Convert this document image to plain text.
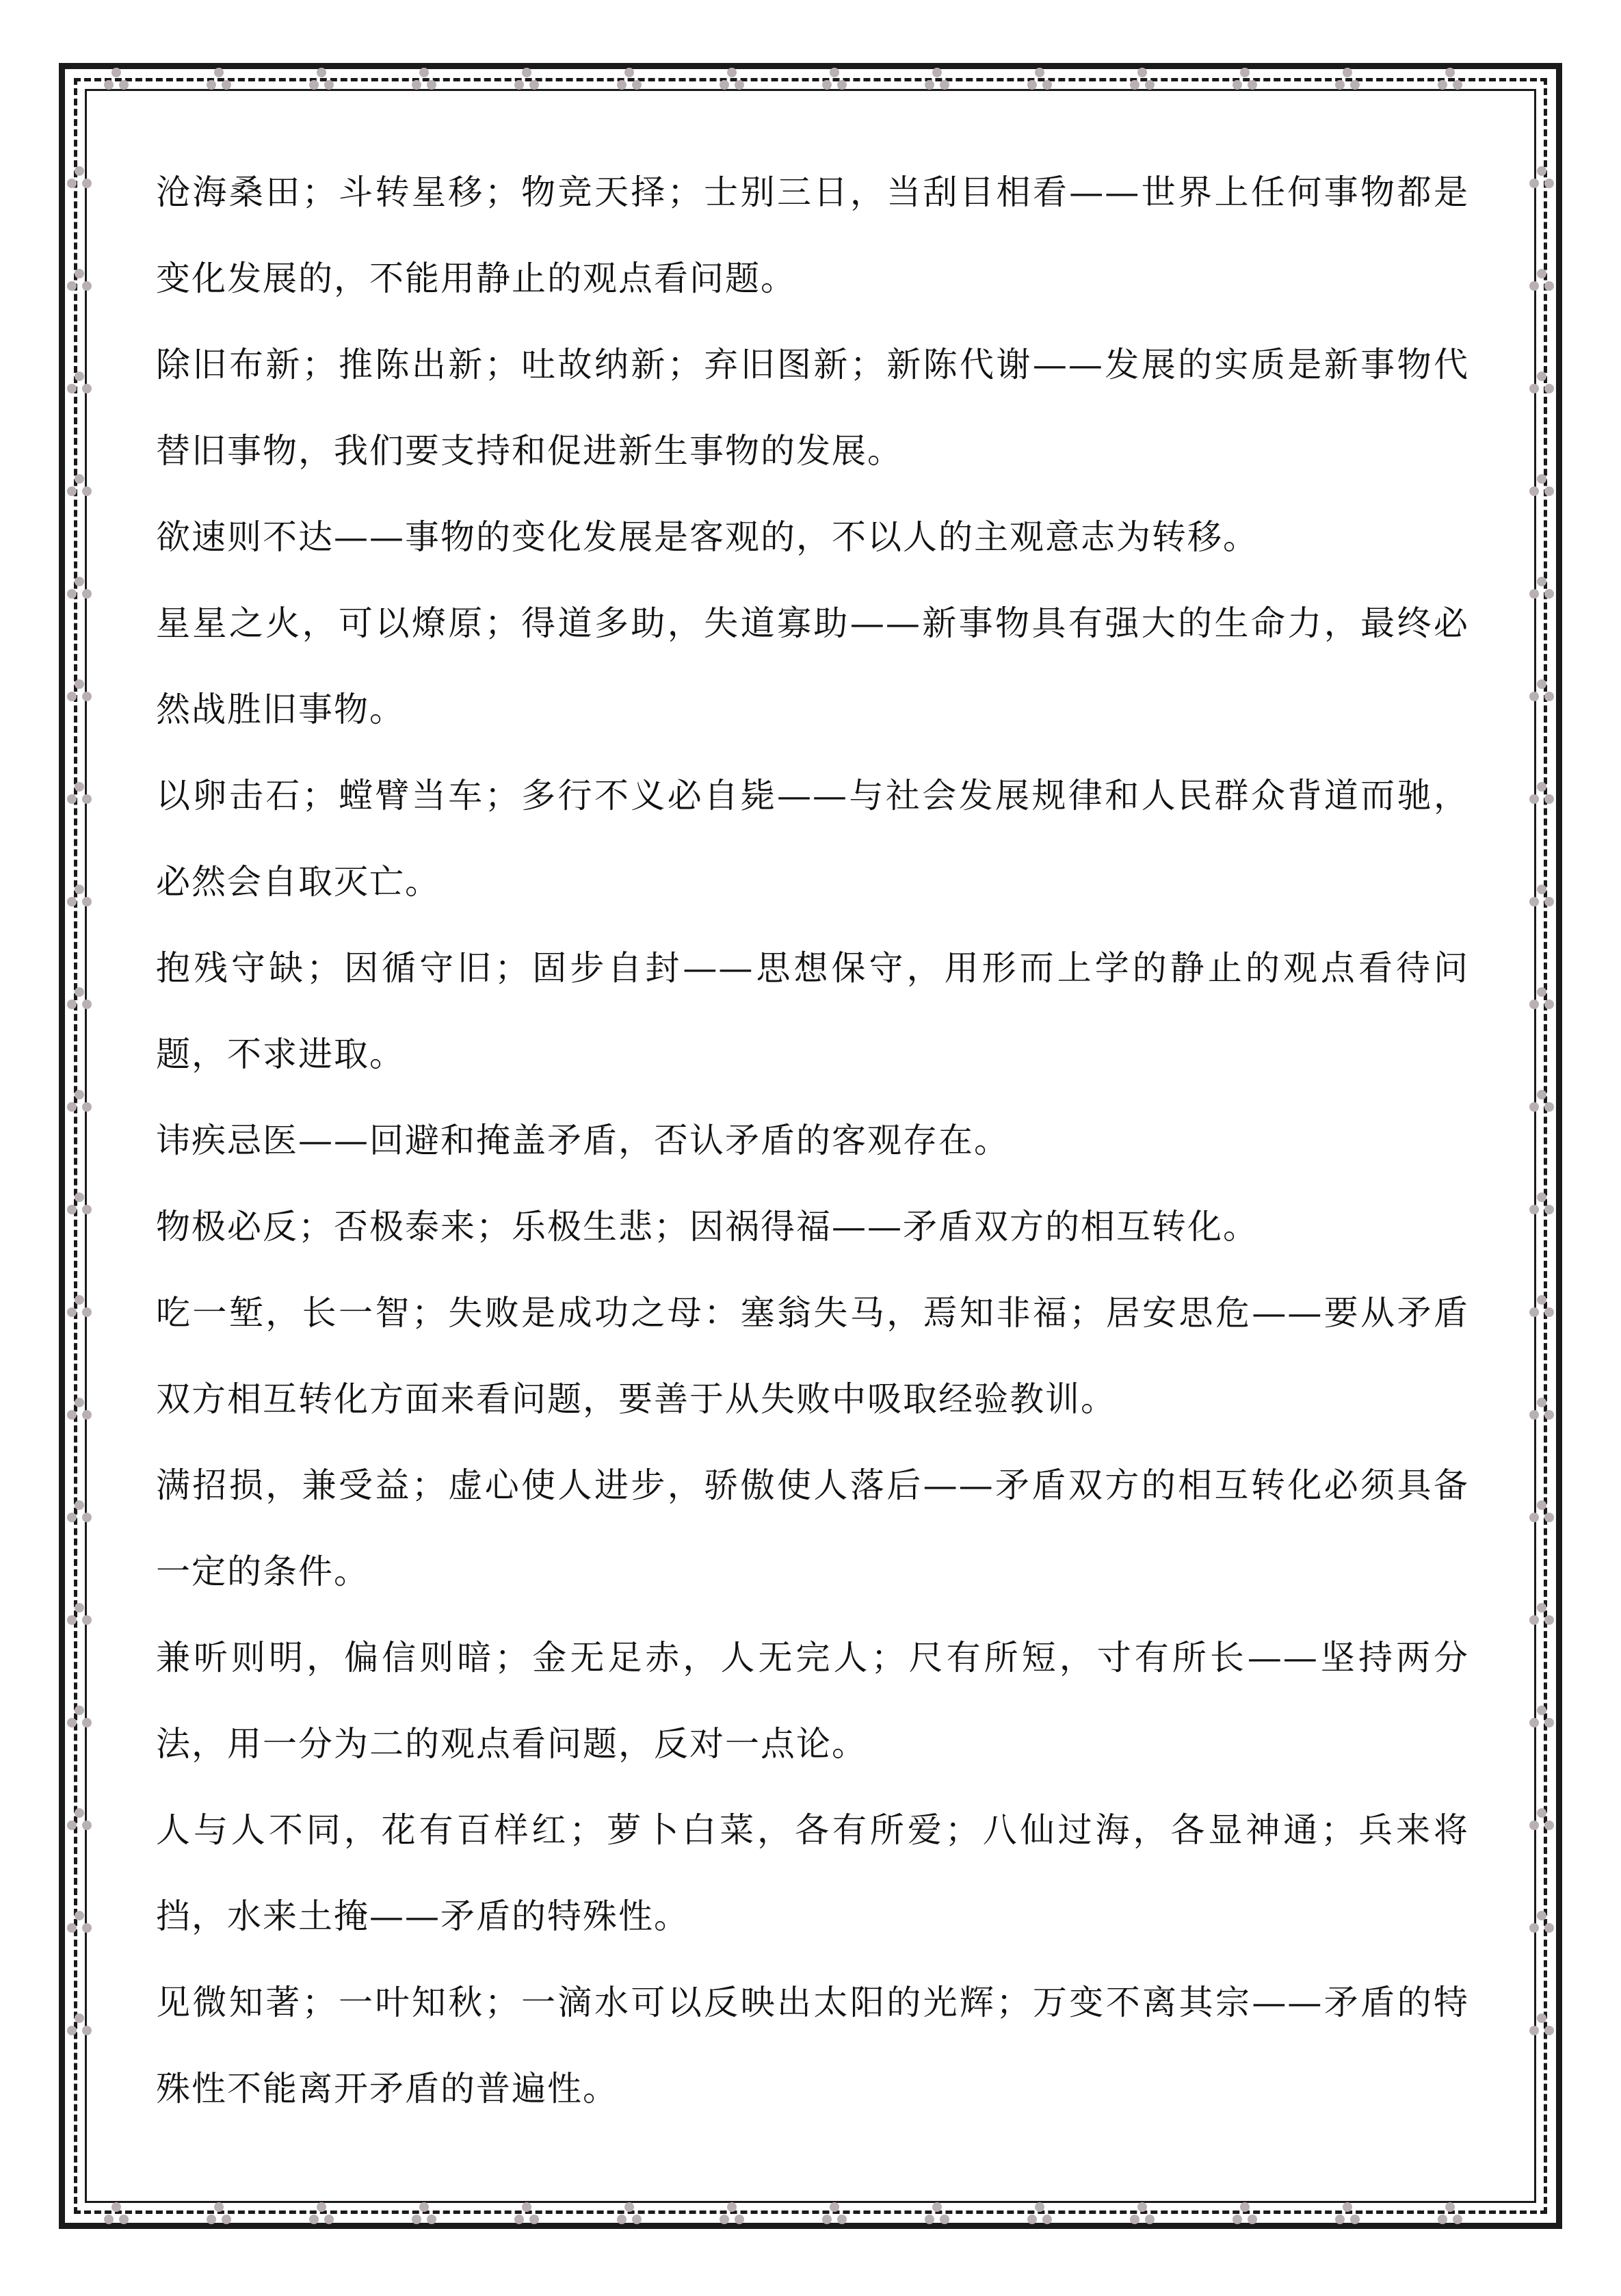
沧海桑田；斗转星移；物竞天择；士别三日，当刮目相看——世界上任何事物都是变化发展的，不能用静止的观点看问题。

除旧布新；推陈出新；吐故纳新；弃旧图新；新陈代谢——发展的实质是新事物代替旧事物，我们要支持和促进新生事物的发展。

欲速则不达——事物的变化发展是客观的，不以人的主观意志为转移。

星星之火，可以燎原；得道多助，失道寡助——新事物具有强大的生命力，最终必然战胜旧事物。

以卵击石；螳臂当车；多行不义必自毙——与社会发展规律和人民群众背道而驰，必然会自取灭亡。

抱残守缺；因循守旧；固步自封——思想保守，用形而上学的静止的观点看待问题，不求进取。

讳疾忌医——回避和掩盖矛盾，否认矛盾的客观存在。

物极必反；否极泰来；乐极生悲；因祸得福——矛盾双方的相互转化。

吃一堑，长一智；失败是成功之母：塞翁失马，焉知非福；居安思危——要从矛盾双方相互转化方面来看问题，要善于从失败中吸取经验教训。

满招损，兼受益；虚心使人进步，骄傲使人落后——矛盾双方的相互转化必须具备一定的条件。

兼听则明，偏信则暗；金无足赤，人无完人；尺有所短，寸有所长——坚持两分法，用一分为二的观点看问题，反对一点论。

人与人不同，花有百样红；萝卜白菜，各有所爱；八仙过海，各显神通；兵来将挡，水来土掩——矛盾的特殊性。

见微知著；一叶知秋；一滴水可以反映出太阳的光辉；万变不离其宗——矛盾的特殊性不能离开矛盾的普遍性。
